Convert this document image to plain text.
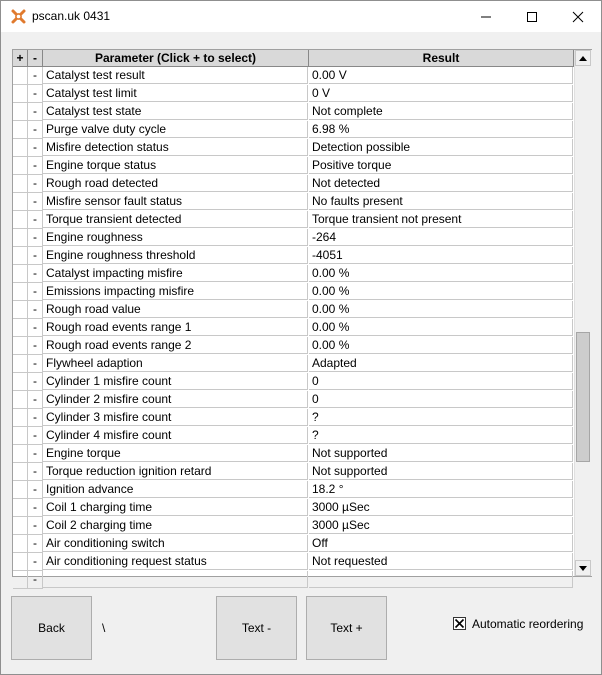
pscan.uk 0431
+ -	Parameter (Click + to select)	Result
- Catalyst test result	0.00 V
- Catalyst test limit	0 V
- Catalyst test state	Not complete
- Purge valve duty cycle	6.98 %
- Misfire detection status	Detection possible
- Engine torque status	Positive torque
- Rough road detected	Not detected
- Misfire sensor fault status	No faults present
- Torque transient detected	Torque transient not present
- Engine roughness	-264
- Engine roughness threshold	-4051
- Catalyst impacting misfire	0.00 %
- Emissions impacting misfire	0.00 %
- Rough road value	0.00 %
- Rough road events range 1	0.00 %
- Rough road events range 2	0.00 %
- Flywheel adaption	Adapted
- Cylinder 1 misfire count	0
- Cylinder 2 misfire count	0
- Cylinder 3 misfire count	?
- Cylinder 4 misfire count	?
- Engine torque	Not supported
- Torque reduction ignition retard	Not supported
- Ignition advance	18.2 °
- Coil 1 charging time	3000 µSec
- Coil 2 charging time	3000 µSec
- Air conditioning switch	Off
- Air conditioning request status	Not requested
-
Back	\	Text -	Text +	Automatic reordering
